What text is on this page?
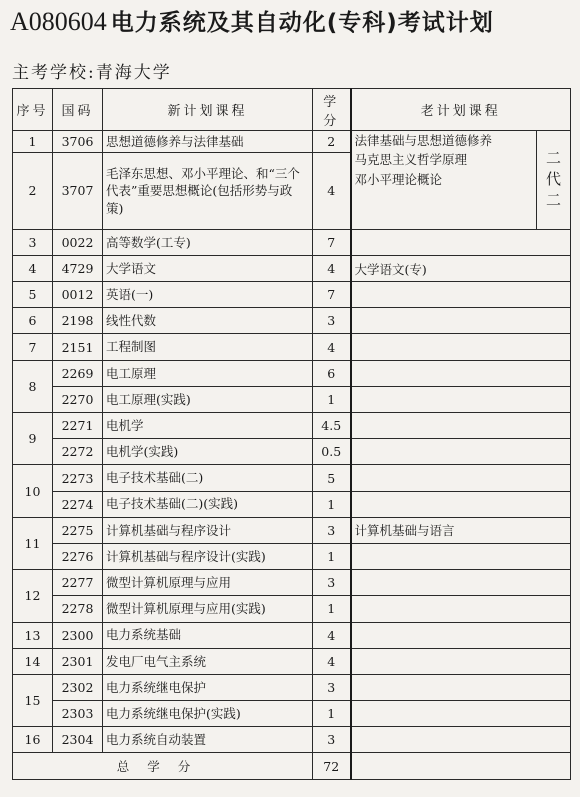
A080604 电力系统及其自动化(专科)考试计划
主考学校:青海大学
序号	国码	新计划课程	学分	老计划课程	
1	3706	思想道德修养与法律基础	2	法律基础与思想道德修养
马克思主义哲学原理
邓小平理论概论	二代二
2	3707	毛泽东思想、邓小平理论、和“三个代表”重要思想概论(包括形势与政策)	4		
3	0022	高等数学(工专)	7		
4	4729	大学语文	4	大学语文(专)	
5	0012	英语(一)	7		
6	2198	线性代数	3		
7	2151	工程制图	4		
8	2269	电工原理	6		
	2270	电工原理(实践)	1		
9	2271	电机学	4.5		
	2272	电机学(实践)	0.5		
10	2273	电子技术基础(二)	5		
	2274	电子技术基础(二)(实践)	1		
11	2275	计算机基础与程序设计	3	计算机基础与语言	
	2276	计算机基础与程序设计(实践)	1		
12	2277	微型计算机原理与应用	3		
	2278	微型计算机原理与应用(实践)	1		
13	2300	电力系统基础	4		
14	2301	发电厂电气主系统	4		
15	2302	电力系统继电保护	3		
	2303	电力系统继电保护(实践)	1		
16	2304	电力系统自动装置	3		
总学分			72		
